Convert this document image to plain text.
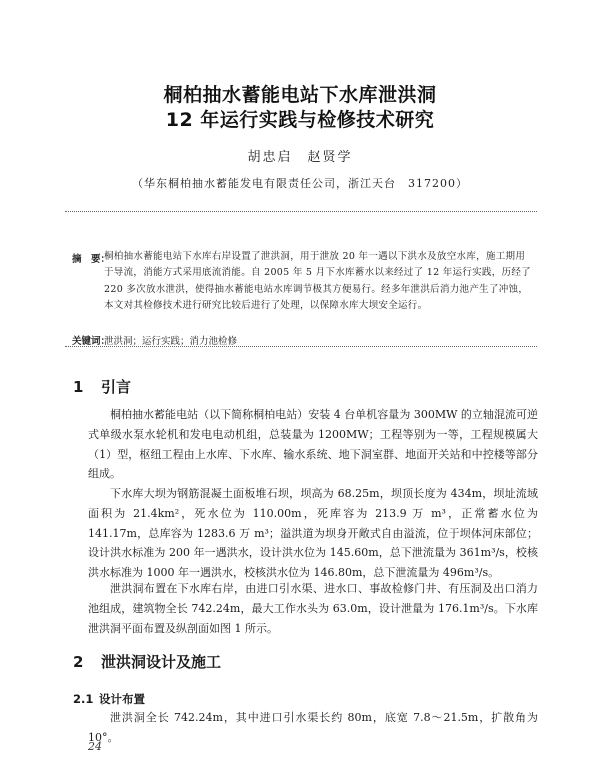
桐柏抽水蓄能电站下水库泄洪洞
12 年运行实践与检修技术研究
胡忠启　赵贤学
（华东桐柏抽水蓄能发电有限责任公司，浙江天台　317200）
摘　要：
桐柏抽水蓄能电站下水库右岸设置了泄洪洞，用于泄放 20 年一遇以下洪水及放空水库，施工期用于导流，消能方式采用底流消能。自 2005 年 5 月下水库蓄水以来经过了 12 年运行实践，历经了 220 多次放水泄洪，使得抽水蓄能电站水库调节极其方便易行。经多年泄洪后消力池产生了冲蚀，本文对其检修技术进行研究比较后进行了处理，以保障水库大坝安全运行。
关键词：
泄洪洞；运行实践；消力池检修
1 引言
桐柏抽水蓄能电站（以下简称桐柏电站）安装 4 台单机容量为 300MW 的立轴混流可逆式单级水泵水轮机和发电电动机组，总装量为 1200MW；工程等别为一等，工程规模属大（1）型，枢纽工程由上水库、下水库、输水系统、地下洞室群、地面开关站和中控楼等部分组成。
下水库大坝为钢筋混凝土面板堆石坝，坝高为 68.25m，坝顶长度为 434m，坝址流域面积为 21.4km²，死水位为 110.00m，死库容为 213.9 万 m³，正常蓄水位为 141.17m，总库容为 1283.6 万 m³；溢洪道为坝身开敞式自由溢流，位于坝体河床部位；设计洪水标准为 200 年一遇洪水，设计洪水位为 145.60m，总下泄流量为 361m³/s，校核洪水标准为 1000 年一遇洪水，校核洪水位为 146.80m，总下泄流量为 496m³/s。
泄洪洞布置在下水库右岸，由进口引水渠、进水口、事故检修门井、有压洞及出口消力池组成，建筑物全长 742.24m，最大工作水头为 63.0m，设计泄量为 176.1m³/s。下水库泄洪洞平面布置及纵剖面如图 1 所示。
2 泄洪洞设计及施工
2.1 设计布置
泄洪洞全长 742.24m，其中进口引水渠长约 80m，底宽 7.8～21.5m，扩散角为 10°。
24
